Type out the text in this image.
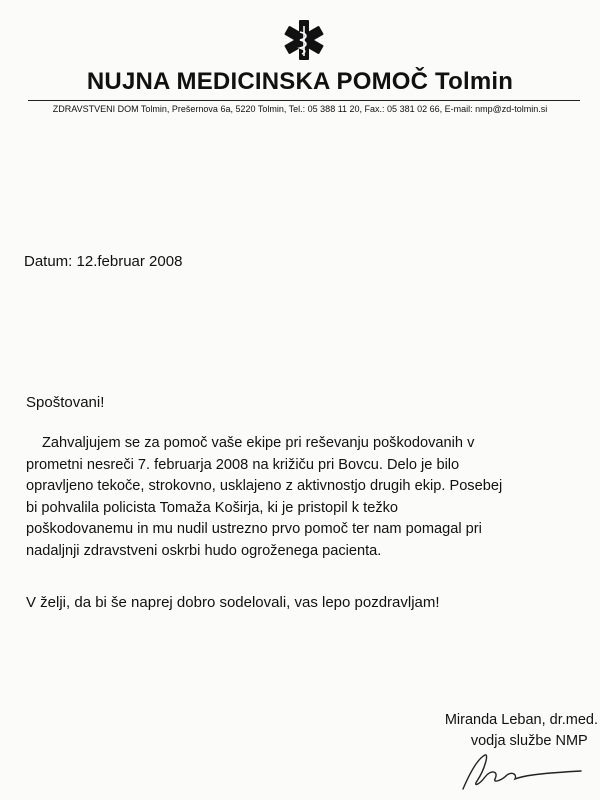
NUJNA MEDICINSKA POMOČ Tolmin
ZDRAVSTVENI DOM Tolmin, Prešernova 6a, 5220 Tolmin, Tel.: 05 388 11 20, Fax.: 05 381 02 66, E-mail: nmp@zd-tolmin.si
Datum: 12.februar 2008
Spoštovani!
Zahvaljujem se za pomoč vaše ekipe pri reševanju poškodovanih v
prometni nesreči 7. februarja 2008 na križiču pri Bovcu. Delo je bilo
opravljeno tekoče, strokovno, usklajeno z aktivnostjo drugih ekip. Posebej
bi pohvalila policista Tomaža Koširja, ki je pristopil k težko
poškodovanemu in mu nudil ustrezno prvo pomoč ter nam pomagal pri
nadaljnji zdravstveni oskrbi hudo ogroženega pacienta.
V želji, da bi še naprej dobro sodelovali, vas lepo pozdravljam!
Miranda Leban, dr.med.
vodja službe NMP
